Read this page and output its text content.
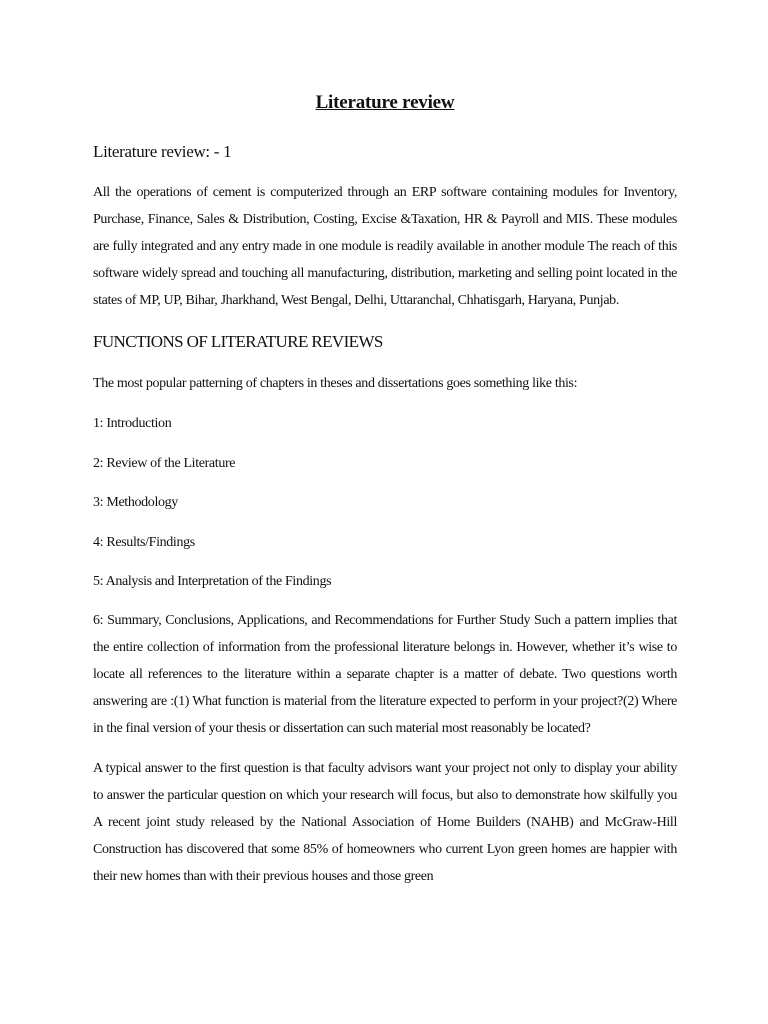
Literature review
Literature review: - 1
All the operations of cement is computerized through an ERP software containing modules for Inventory, Purchase, Finance, Sales & Distribution, Costing, Excise &Taxation, HR & Payroll and MIS. These modules are fully integrated and any entry made in one module is readily available in another module The reach of this software widely spread and touching all manufacturing, distribution, marketing and selling point located in the states of MP, UP, Bihar, Jharkhand, West Bengal, Delhi, Uttaranchal, Chhatisgarh, Haryana, Punjab.
FUNCTIONS OF LITERATURE REVIEWS
The most popular patterning of chapters in theses and dissertations goes something like this:
1: Introduction
2: Review of the Literature
3: Methodology
4: Results/Findings
5: Analysis and Interpretation of the Findings
6: Summary, Conclusions, Applications, and Recommendations for Further Study Such a pattern implies that the entire collection of information from the professional literature belongs in. However, whether it’s wise to locate all references to the literature within a separate chapter is a matter of debate. Two questions worth answering are :(1) What function is material from the literature expected to perform in your project?(2) Where in the final version of your thesis or dissertation can such material most reasonably be located?
A typical answer to the first question is that faculty advisors want your project not only to display your ability to answer the particular question on which your research will focus, but also to demonstrate how skilfully you A recent joint study released by the National Association of Home Builders (NAHB) and McGraw-Hill Construction has discovered that some 85% of homeowners who current Lyon green homes are happier with their new homes than with their previous houses and those green
